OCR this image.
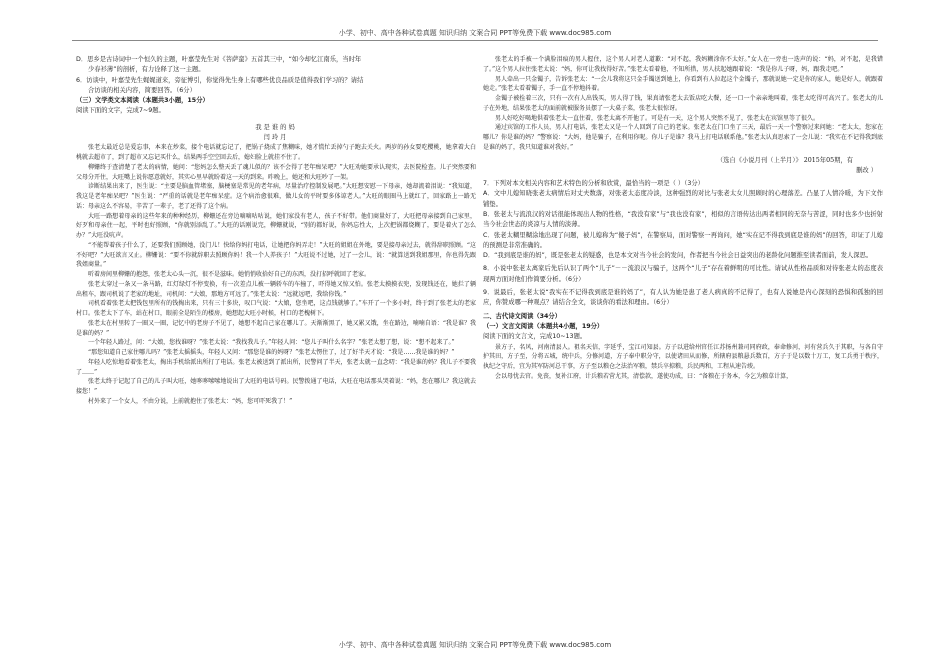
小学、初中、高中各种试卷真题 知识归纳 文案合同 PPT等免费下载 www.doc985.com

D．思乡是古诗词中一个恒久的主题，叶嘉莹先生对《菩萨蛮》五首其三中，“如今却忆江南乐，当时年

少春衫薄”的剖析，有力诠释了这一主题。

6．访谈中，叶嘉莹先生娓娓道来，旁征博引，你觉得先生身上有哪些优良品质是值得我们学习的？请结

合访谈的相关内容，简要回答。（6分）

（三）文学类文本阅读（本题共3小题，15分）

阅读下面的文字，完成7~9题。

我是谁的妈

闫玲月

张老太最近总是爱忘事，本来在炒菜，接个电话就忘记了，把锅子烧成了焦糊味，她才慌忙丢掉勺子跑去关火。两岁的孙女要吃樱桃，她拿着大白桃就去超市了，到了超市又忘记买什么，结果两手空空回去后，媳妇脸上就挂不住了。

柳姗终于查清楚了老太的病情，她问：“您妈怎么整天丢了魂儿似的？该不会得了老年痴呆吧？”大旺劝她要承认现实，去医院检查。儿子突然要和父母分开住，大旺嘴上说你愿意就好，其实心里早就盼着这一天的到来。昨晚上，她还和大旺吵了一架。

诊断结果出来了，医生说：“主要是脑血管堵塞，脑梗塞是常见的老年病，尽量治疗控制发展吧。”大旺想安慰一下母亲，她却流着泪说：“我知道，我这是老年痴呆吧？”医生说：“严重的话就是老年痴呆症。这个病治愈很难，做儿女的平时要多体谅老人。”大旺的眼圈马上就红了，回家路上一路无话：母亲这么不容易，辛苦了一辈子，老了还得了这个病。

大旺一路想着母亲的这些年来的种种经历，柳姗还在旁边嘀嘀咕咕说，她们家没有老人，孩子不好带。他们商量好了，大旺把母亲接到自己家里，好歹和母亲住一起，平时也好照顾，“你就别添乱了。”大旺的话刚说完，柳姗就说，“别的都好说，你妈忘性大，上次把锅都烧糊了，要是着火了怎么办？”大旺没吭声。

“不能帮着孩子什么了，还要我们照顾她，没门儿！快给你妈打电话，让她把你妈弄走！”大旺的姐姐在外地，要是接母亲过去，就得辞职照顾。“这不好吧？”大旺欲言又止。柳姗说：“要不你就辞职去照顾你妈！我一个人养孩子！”大旺说不过她，过了一会儿，说：“就算送到我姐那里，你也得先跟我姐商量。”

听着房间里柳姗的抱怨，张老太心头一沉，很不是滋味。她悄悄收拾好自己的东西，没打招呼就回了老家。

张老太穿过一条又一条马路，红灯绿灯不停变换，有一次差点儿被一辆轿车的车撞了，吓得她又惊又怕。张老太摸摸衣兜，发现钱还在，她拦了辆出租车，跟司机说了老家的地址，司机问：“大娘，那地方可远了。”张老太说：“远就远吧，我给你钱。”

司机看着张老太把钱包里所有的钱掏出来，只有三十多块，叹口气说：“大娘，您坐吧，这点钱就够了。”车开了一个多小时，终于到了张老太的老家村口。张老太下了车，站在村口，眼前全是陌生的楼房，她想起大旺小时候，村口的老槐树下。

张老太在村里转了一圈又一圈，记忆中的老房子不见了，她想不起自己家在哪儿了。天渐渐黑了，她又累又饿，坐在路边，喃喃自语：“我是谁？我是谁的妈？”

一个年轻人路过，问：“大娘，您找谁呀？”张老太说：“我找我儿子。”年轻人问：“您儿子叫什么名字？”张老太想了想，说：“想不起来了。”

“那您知道自己家住哪儿吗？”张老太摇摇头，年轻人又问：“那您是谁的妈呀？”张老太愣住了，过了好半天才说：“我是……我是谁的妈？”

年轻人吃惊地看着张老太，掏出手机给派出所打了电话。张老太被送到了派出所，民警问了半天，张老太就一直念叨：“我是谁的妈？我儿子不要我了……”

张老太终于记起了自己的儿子叫大旺，她哆哆嗦嗦地说出了大旺的电话号码。民警拨通了电话，大旺在电话那头哭着说：“妈，您在哪儿？我这就去接您！”

村外来了一个女人，不由分说，上前就抱住了张老太：“妈，您可吓死我了！”

张老太的手被一个满脸泪痕的男人握住，这个男人对老人道歉：“对不起，我妈糊涂你不太好。”女人在一旁也一迭声的说：“妈，对不起，是我错了。”这个男人拉住张老太说：“妈，你可让我找得好苦。”张老太看着他，不知所措，男人扶起她跟着说：“我是你儿子呀，妈，跟我走吧。”

男人牵出一只金镯子，告诉张老太：“一会儿我将这只金手镯送到她上，你看到有人拉起这个金镯子，那就说她一定是你的家人，她是好人，就跟着她走。”张老太看着镯子，手一直不停地抖着。

金镯子被拴着三次，只有一次有人出钱买，男人得了钱，果真请张老太去饭店吃大餐，还一口一个亲亲地叫着，张老太吃得可高兴了。张老太的儿子在外地，结果张老太的面前就被服务员摆了一大桌子菜，张老太很惊讶。

男人好吃好喝地供着张老太一直住着，张老太离不开他了。可是有一天，这个男人突然不见了，张老太在宾馆里等了很久。

通过宾馆的工作人员，男人打电话，张老太又是一个人回到了自己的老家。张老太在门口坐了三天，最后一天一个警察过来问她：“老太太，您家在哪儿？你是谁的妈？”警察说：“大妈，他是骗子，在利用你呢。你儿子是谁？我马上打电话联系他。”张老太认真思索了一会儿说：“我实在不记得我到底是谁的妈了，我只知道谁对我好。”

（选自《小说月刊（上半月）》 2015年05期，有

删改 ）

7．下列对本文相关内容和艺术特色的分析和欣赏，最恰当的一项是（ ）（3分）

A．文中儿媳知晓张老太病情后对丈夫数落，对张老太态度冷淡，这种强烈的对比与张老太女儿照顾时的心理落差。凸显了人情冷暖，为下文作铺垫。

B．张老太与流浪汉的对话很能体现出人物的性格，“我没有家”与“我也没有家”，相似的言语传达出两者相同的无奈与苦涩，同时也多少也折射当今社会世态的炎凉与人情的淡薄。

C．张老太糊里糊涂地出现了问题，被儿媳称为“傻子妈”，在警察局，面对警察一再询问，她“实在记不得我到底是谁的妈”的回答，印证了儿媳的预测是非常准确的。

D．“我到底是谁的妈”，既是张老太的疑惑，也是本文对当今社会的发问，作者把当今社会日益突出的老龄化问题推至读者面前，发人深思。

8．小说中张老太离家后先后认识了两个“儿子”－－流浪汉与骗子，这两个“儿子”存在着鲜明的可比性。请试从性格品质和对待张老太的态度表现两方面对他们作简要分析。（6分）

9．说最后，张老太说“我实在不记得我到底是谁的妈了”，有人认为她是患了老人病真的不记得了，也有人说她是内心深刻的恐惧和孤独的回应，你赞成哪一种观点？请结合全文，谈谈你的看法和理由。（6分）

二、古代诗文阅读（34分）

（一）文言文阅读（本题共4小题，19分）

阅读下面的文言文，完成10~13题。

景方子，名风，河南清县人。祖名天信，字延乎，宝江司知县。方子以进给州官任江苏扬州兼司同府政，奉命修河，河有营兵久于其职，与各自守护其田，方子至，分将五城，统中兵，分修河道，方子奉中职分守，以使诸田从而修，所辖府县粮悬兵数百，方子于是以数十万工，复工兵勇于秩序，执纪之守后，宜为其军防河总干事，方子至以粮仓之法治军粮，禁兵卒掠粮，兵民两和，工程从速告竣。

会以母忧去官。免丧，复补江府，计兵粮若营尤其，清偿款，遂使功成，曰：“备粮在于务本，今乞为粮草计算，

小学、初中、高中各种试卷真题 知识归纳 文案合同 PPT等免费下载 www.doc985.com
